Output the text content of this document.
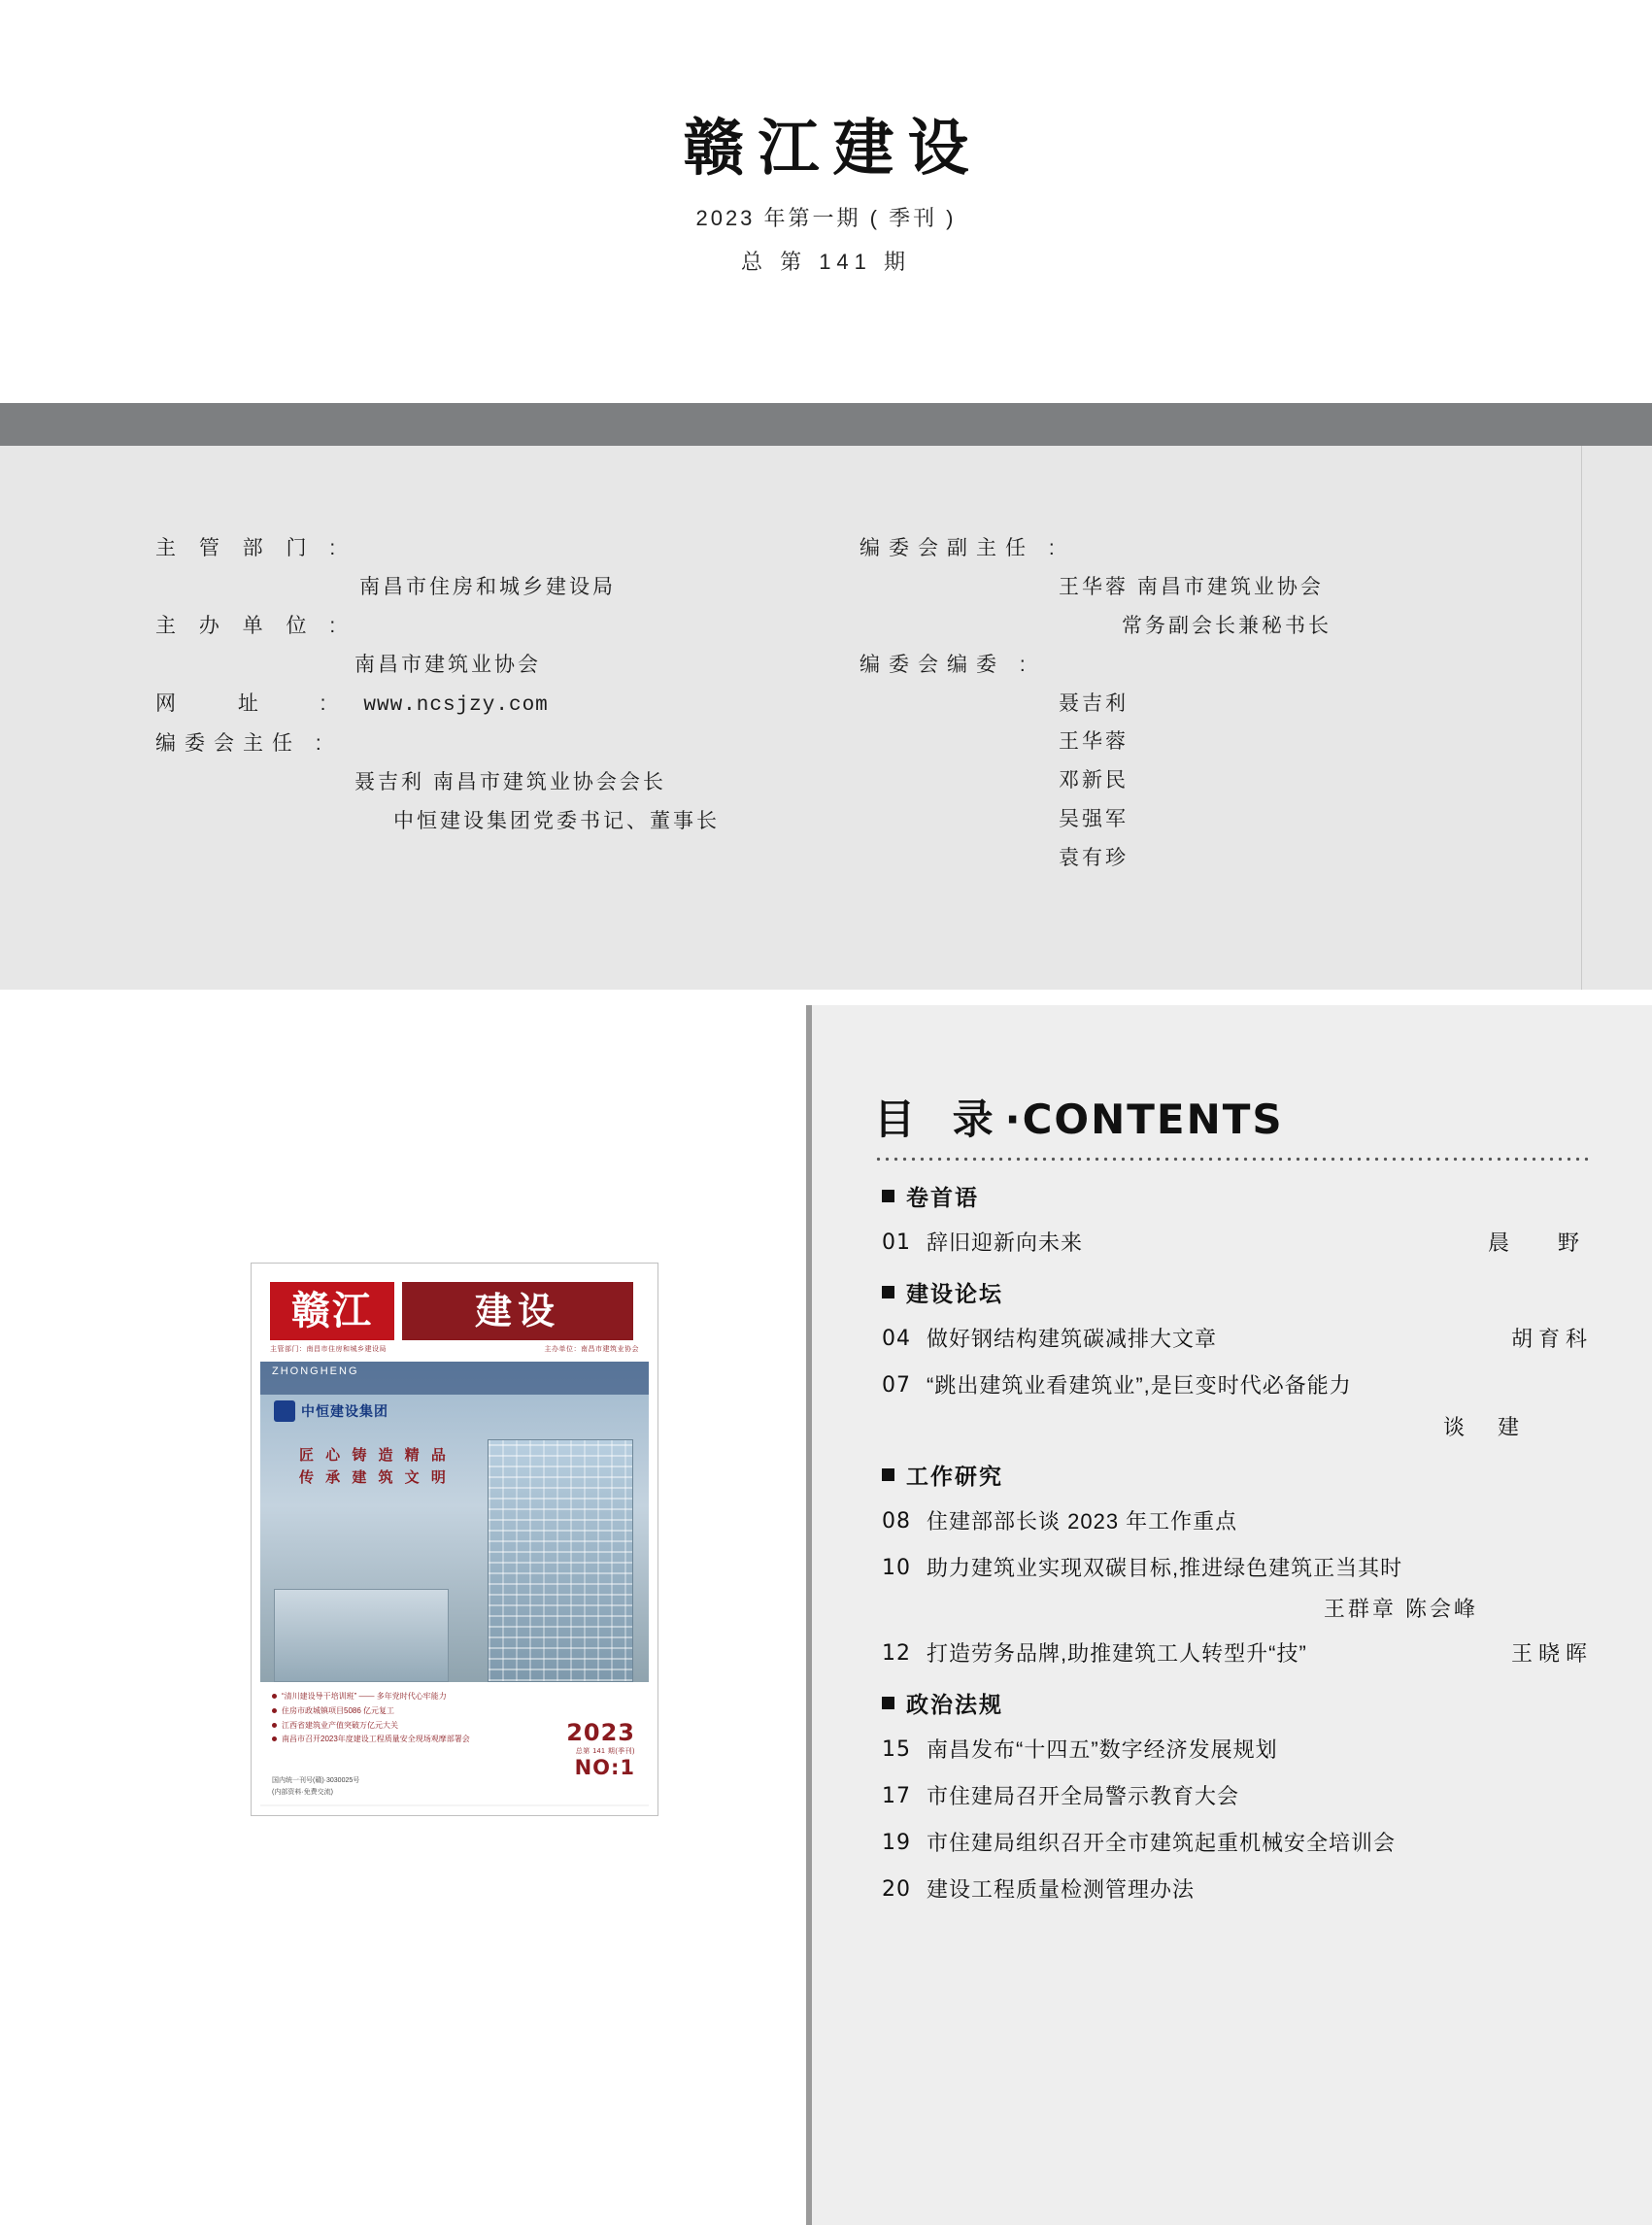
赣江建设
2023 年第一期 ( 季刊 )
总 第 141 期
主 管 部 门 :
南昌市住房和城乡建设局
主 办 单 位 :
南昌市建筑业协会
网 址 : www.ncsjzy.com
编委会主任 :
聂吉利 南昌市建筑业协会会长
中恒建设集团党委书记、董事长
编委会副主任 :
王华蓉 南昌市建筑业协会
常务副会长兼秘书长
编委会编委 :
聂吉利
王华蓉
邓新民
吴强军
袁有珍
赣江	建设
主管部门：南昌市住房和城乡建设局	主办单位：南昌市建筑业协会
ZHONGHENG
中恒建设集团
匠 心 铸 造 精 品
传 承 建 筑 文 明
“清川建设导干培训班” —— 多年党时代心牢能力
住房市政城镇项目5086 亿元复工
江西省建筑业产值突破万亿元大关
南昌市召开2023年度建设工程质量安全现场观摩部署会	2023
总第 141 期(季刊)
NO:1
国内统一刊号(赣)·3030025号
(内部资料·免费交流)
目 录·CONTENTS
卷首语
01 辞旧迎新向未来	晨　野
建设论坛
04 做好钢结构建筑碳减排大文章	胡育科
07 “跳出建筑业看建筑业”,是巨变时代必备能力
谈　建
工作研究
08 住建部部长谈 2023 年工作重点
10 助力建筑业实现双碳目标,推进绿色建筑正当其时
王群章 陈会峰
12 打造劳务品牌,助推建筑工人转型升“技”	王晓晖
政治法规
15 南昌发布“十四五”数字经济发展规划
17 市住建局召开全局警示教育大会
19 市住建局组织召开全市建筑起重机械安全培训会
20 建设工程质量检测管理办法
